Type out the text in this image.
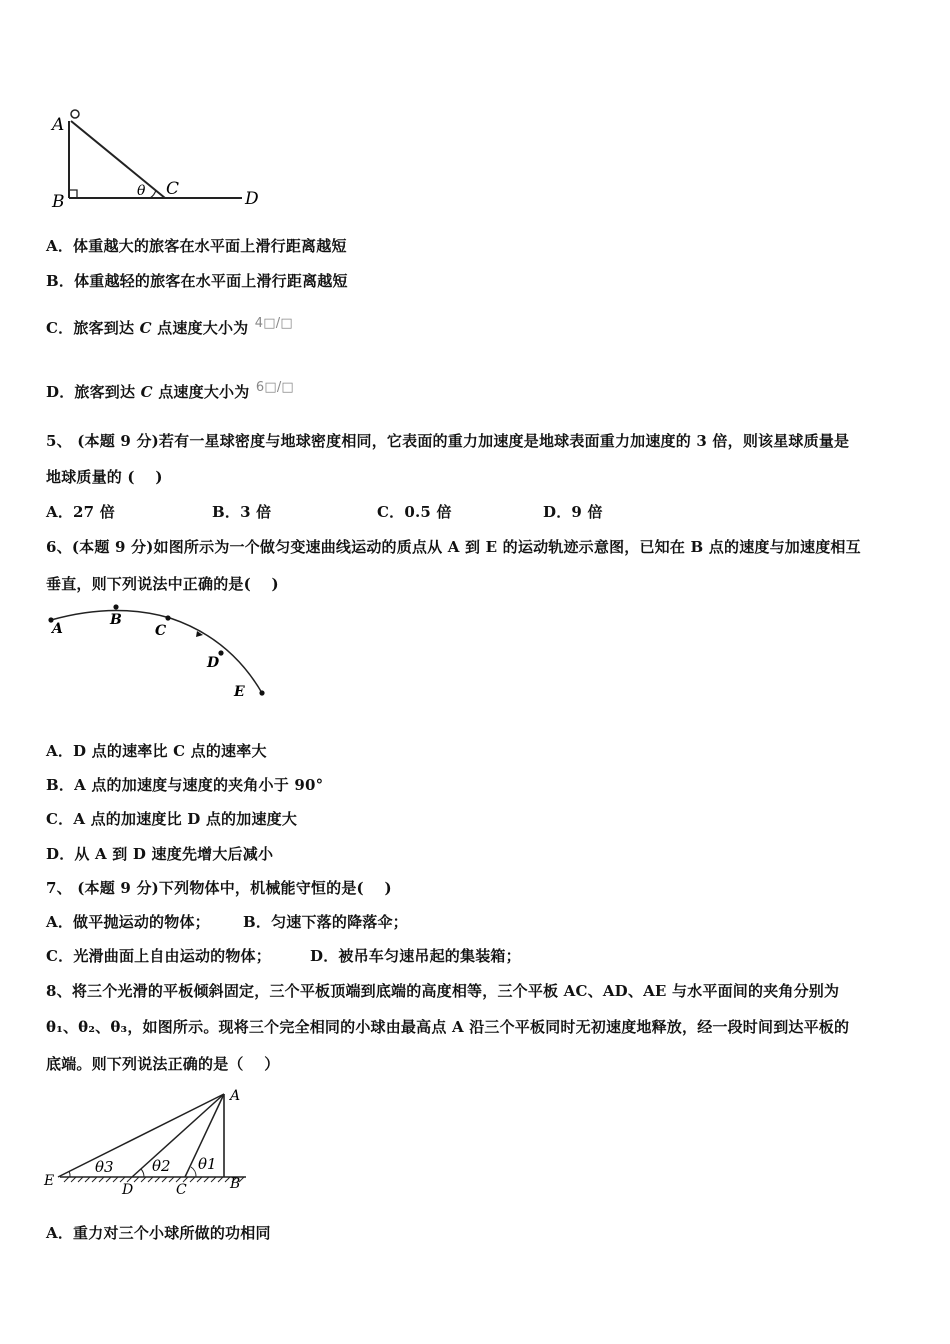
A
B
C	D
θ
A．体重越大的旅客在水平面上滑行距离越短
B．体重越轻的旅客在水平面上滑行距离越短
C．旅客到达 C 点速度大小为 4□/□
D．旅客到达 C 点速度大小为 6□/□
5、 (本题 9 分)若有一星球密度与地球密度相同，它表面的重力加速度是地球表面重力加速度的 3 倍，则该星球质量是
地球质量的 (　 )
A．27 倍	B．3 倍	C．0.5 倍	D．9 倍
6、(本题 9 分)如图所示为一个做匀变速曲线运动的质点从 A 到 E 的运动轨迹示意图，已知在 B 点的速度与加速度相互
垂直，则下列说法中正确的是(　 )
A
B
C
D
E
A．D 点的速率比 C 点的速率大
B．A 点的加速度与速度的夹角小于 90°
C．A 点的加速度比 D 点的加速度大
D．从 A 到 D 速度先增大后减小
7、 (本题 9 分)下列物体中，机械能守恒的是(　 )
A．做平抛运动的物体； B．匀速下落的降落伞；
C．光滑曲面上自由运动的物体；	D．被吊车匀速吊起的集装箱；
8、将三个光滑的平板倾斜固定，三个平板顶端到底端的高度相等，三个平板 AC、AD、AE 与水平面间的夹角分别为
θ₁、θ₂、θ₃，如图所示。现将三个完全相同的小球由最高点 A 沿三个平板同时无初速度地释放，经一段时间到达平板的
底端。则下列说法正确的是（　 ）
A
B
C
D
E
θ3	θ2 θ1
A．重力对三个小球所做的功相同
